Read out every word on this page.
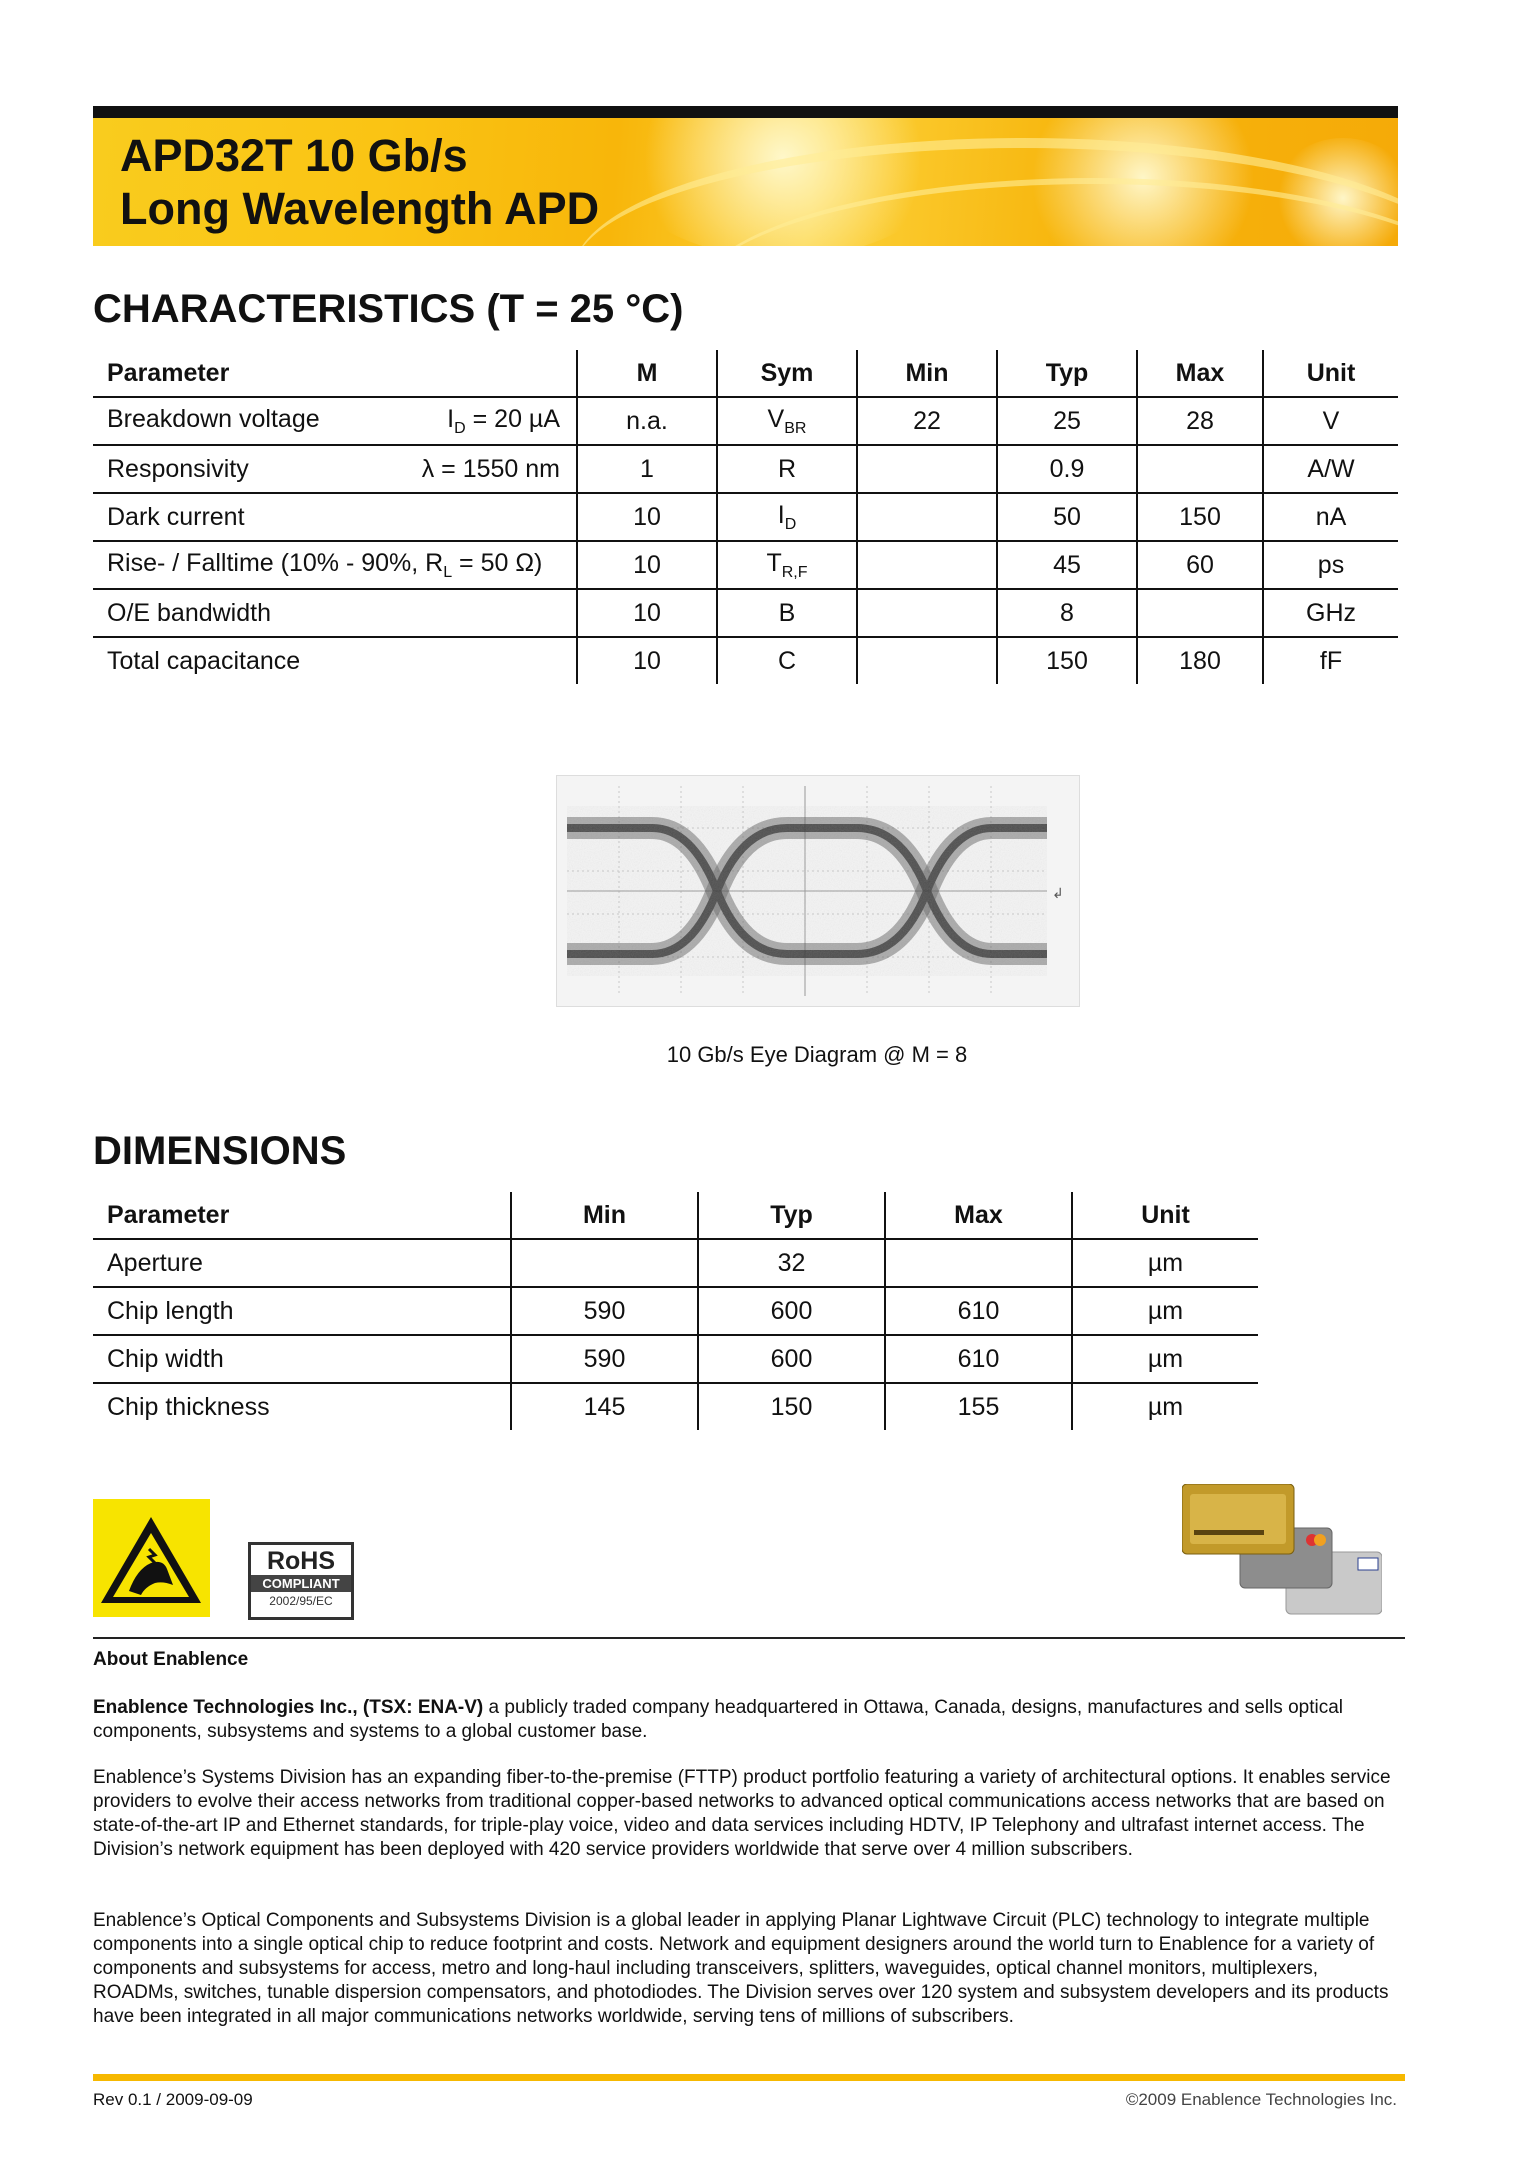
APD32T 10 Gb/s
Long Wavelength APD
CHARACTERISTICS (T = 25 °C)
Parameter	M	Sym	Min	Typ	Max	Unit
Breakdown voltage $I_D = 20$ µA	n.a.	$V_{BR}$	22	25	28	V
Responsivity λ = 1550 nm	1	R		0.9		A/W
Dark current	10	$I_D$		50	150	nA
Rise- / Falltime (10% - 90%, $R_L = 50$ Ω)	10	$T_{R,F}$		45	60	ps
O/E bandwidth	10	B		8		GHz
Total capacitance	10	C		150	180	fF
↲
10 Gb/s Eye Diagram @ M = 8
DIMENSIONS
Parameter	Min	Typ	Max	Unit
Aperture		32		µm
Chip length	590	600	610	µm
Chip width	590	600	610	µm
Chip thickness	145	150	155	µm
RoHS
COMPLIANT
2002/95/EC
About Enablence
Enablence Technologies Inc., (TSX: ENA-V) a publicly traded company headquartered in Ottawa, Canada, designs, manufactures and sells optical components, subsystems and systems to a global customer base.
Enablence’s Systems Division has an expanding fiber-to-the-premise (FTTP) product portfolio featuring a variety of architectural options. It enables service providers to evolve their access networks from traditional copper-based networks to advanced optical communications access networks that are based on state-of-the-art IP and Ethernet standards, for triple-play voice, video and data services including HDTV, IP Telephony and ultrafast internet access. The Division’s network equipment has been deployed with 420 service providers worldwide that serve over 4 million subscribers.
Enablence’s Optical Components and Subsystems Division is a global leader in applying Planar Lightwave Circuit (PLC) technology to integrate multiple components into a single optical chip to reduce footprint and costs. Network and equipment designers around the world turn to Enablence for a variety of components and subsystems for access, metro and long-haul including transceivers, splitters, waveguides, optical channel monitors, multiplexers, ROADMs, switches, tunable dispersion compensators, and photodiodes. The Division serves over 120 system and subsystem developers and its products have been integrated in all major communications networks worldwide, serving tens of millions of subscribers.
Rev 0.1 / 2009-09-09	©2009 Enablence Technologies Inc.
